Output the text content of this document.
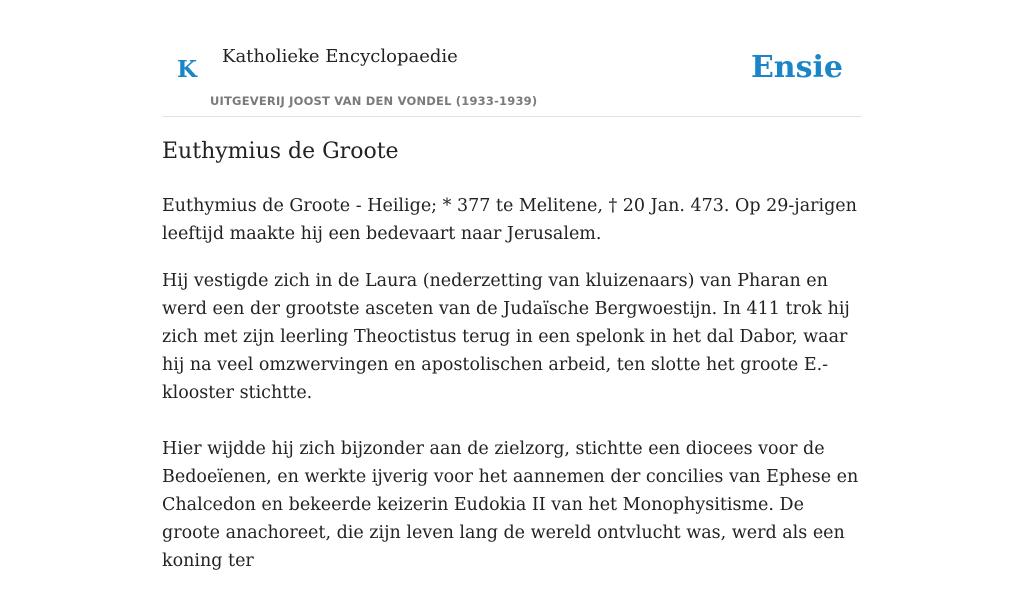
K Katholieke Encyclopaedie
UITGEVERIJ JOOST VAN DEN VONDEL (1933-1939)
Ensie
Euthymius de Groote

Euthymius de Groote - Heilige; * 377 te Melitene, † 20 Jan. 473. Op 29-jarigen leeftijd maakte hij een bedevaart naar Jerusalem.

Hij vestigde zich in de Laura (nederzetting van kluizenaars) van Pharan en werd een der grootste asceten van de Judaïsche Bergwoestijn. In 411 trok hij zich met zijn leerling Theoctistus terug in een spelonk in het dal Dabor, waar hij na veel omzwervingen en apostolischen arbeid, ten slotte het groote E.-klooster stichtte.

Hier wijdde hij zich bijzonder aan de zielzorg, stichtte een diocees voor de Bedoeïenen, en werkte ijverig voor het aannemen der concilies van Ephese en Chalcedon en bekeerde keizerin Eudokia II van het Monophysitisme. De groote anachoreet, die zijn leven lang de wereld ontvlucht was, werd als een koning ter
